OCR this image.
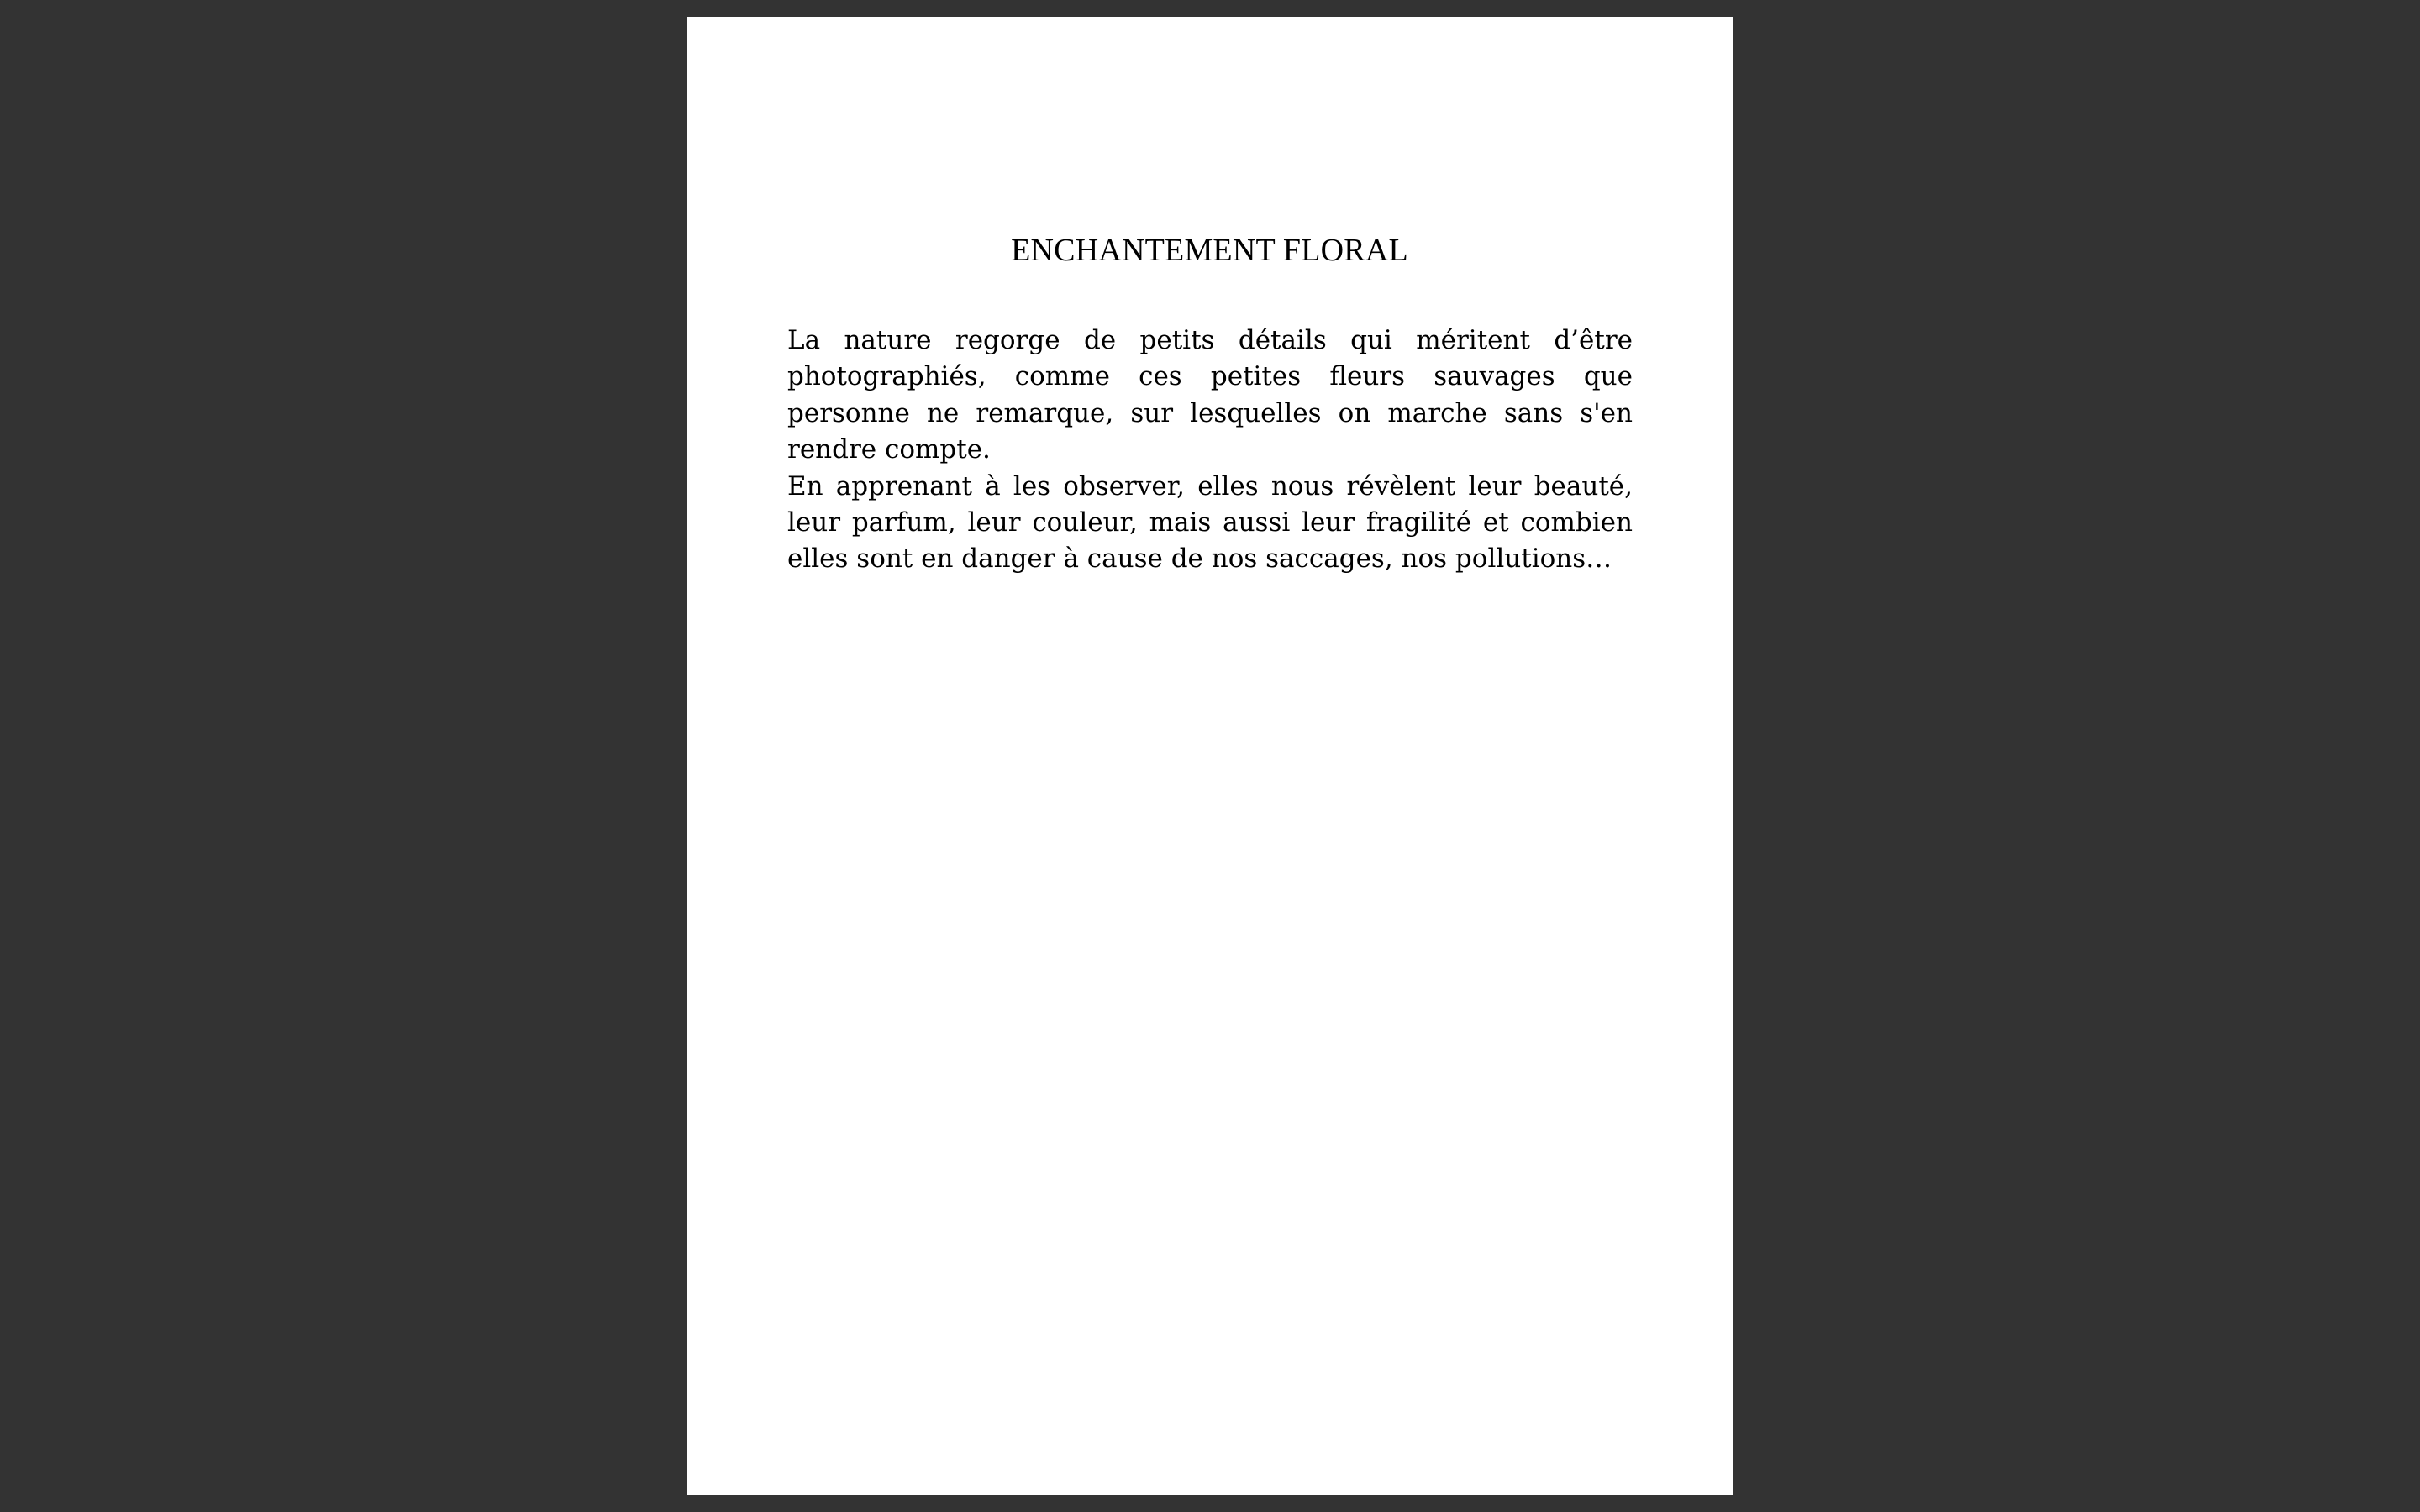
ENCHANTEMENT FLORAL

La nature regorge de petits détails qui méritent d’être photographiés, comme ces petites fleurs sauvages que personne ne remarque, sur lesquelles on marche sans s'en rendre compte.

En apprenant à les observer, elles nous révèlent leur beauté, leur parfum, leur couleur, mais aussi leur fragilité et combien elles sont en danger à cause de nos saccages, nos pollutions…
